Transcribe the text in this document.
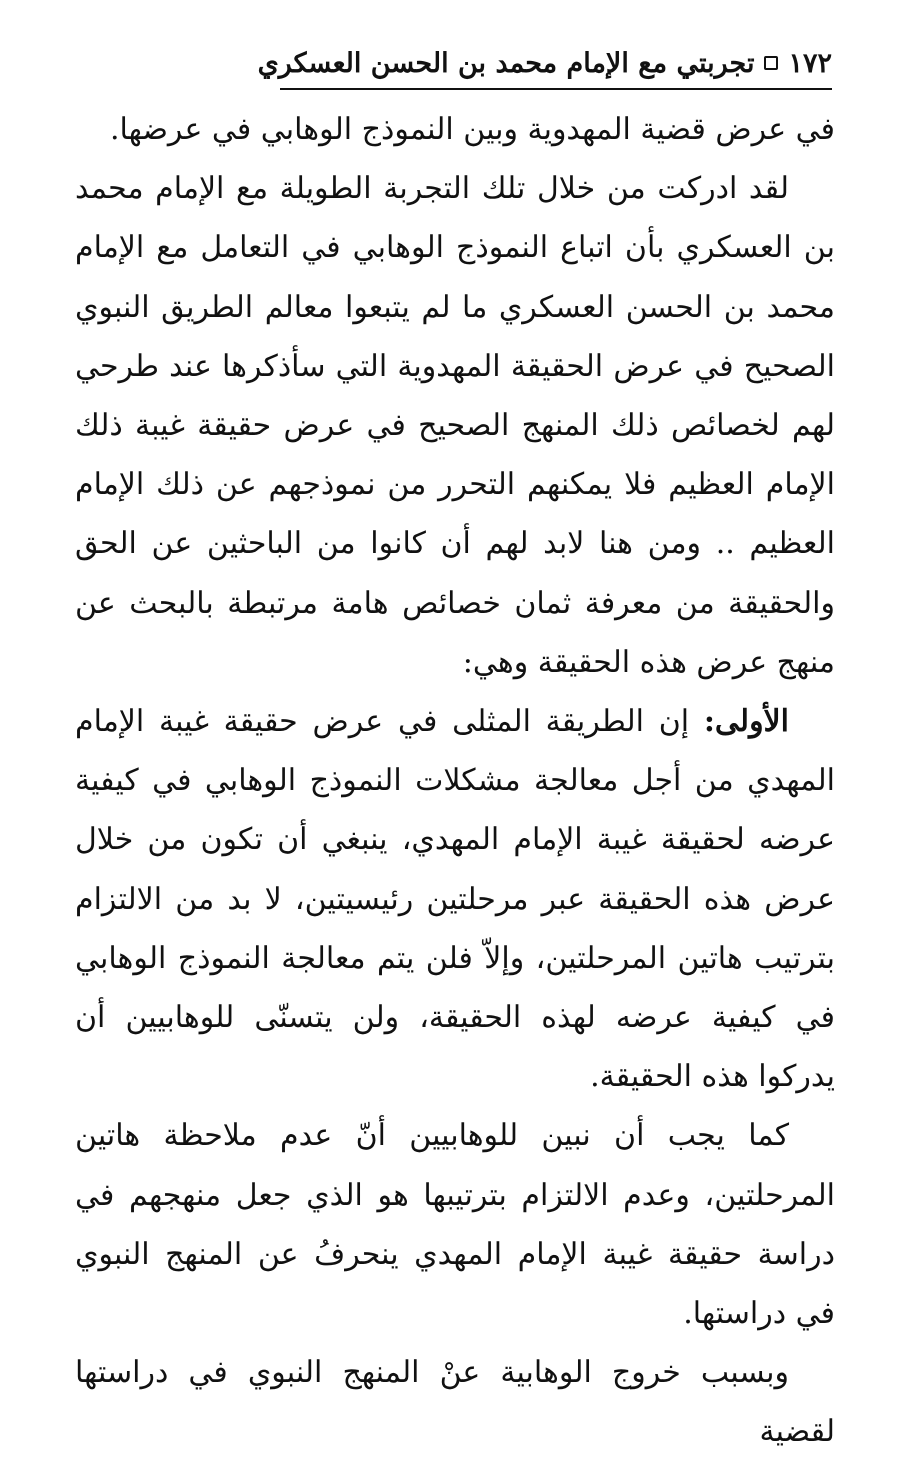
١٧٢
تجربتي مع الإمام محمد بن الحسن العسكري

في عرض قضية المهدوية وبين النموذج الوهابي في عرضها.

لقد ادركت من خلال تلك التجربة الطويلة مع الإمام محمد بن العسكري بأن اتباع النموذج الوهابي في التعامل مع الإمام محمد بن الحسن العسكري ما لم يتبعوا معالم الطريق النبوي الصحيح في عرض الحقيقة المهدوية التي سأذكرها عند طرحي لهم لخصائص ذلك المنهج الصحيح في عرض حقيقة غيبة ذلك الإمام العظيم فلا يمكنهم التحرر من نموذجهم عن ذلك الإمام العظيم .. ومن هنا لابد لهم أن كانوا من الباحثين عن الحق والحقيقة من معرفة ثمان خصائص هامة مرتبطة بالبحث عن منهج عرض هذه الحقيقة وهي:

الأولى: إن الطريقة المثلى في عرض حقيقة غيبة الإمام المهدي من أجل معالجة مشكلات النموذج الوهابي في كيفية عرضه لحقيقة غيبة الإمام المهدي، ينبغي أن تكون من خلال عرض هذه الحقيقة عبر مرحلتين رئيسيتين، لا بد من الالتزام بترتيب هاتين المرحلتين، وإلاّ فلن يتم معالجة النموذج الوهابي في كيفية عرضه لهذه الحقيقة، ولن يتسنّى للوهابيين أن يدركوا هذه الحقيقة.

كما يجب أن نبين للوهابيين أنّ عدم ملاحظة هاتين المرحلتين، وعدم الالتزام بترتيبها هو الذي جعل منهجهم في دراسة حقيقة غيبة الإمام المهدي ينحرفُ عن المنهج النبوي في دراستها.

وبسبب خروج الوهابية عنْ المنهج النبوي في دراستها لقضية
